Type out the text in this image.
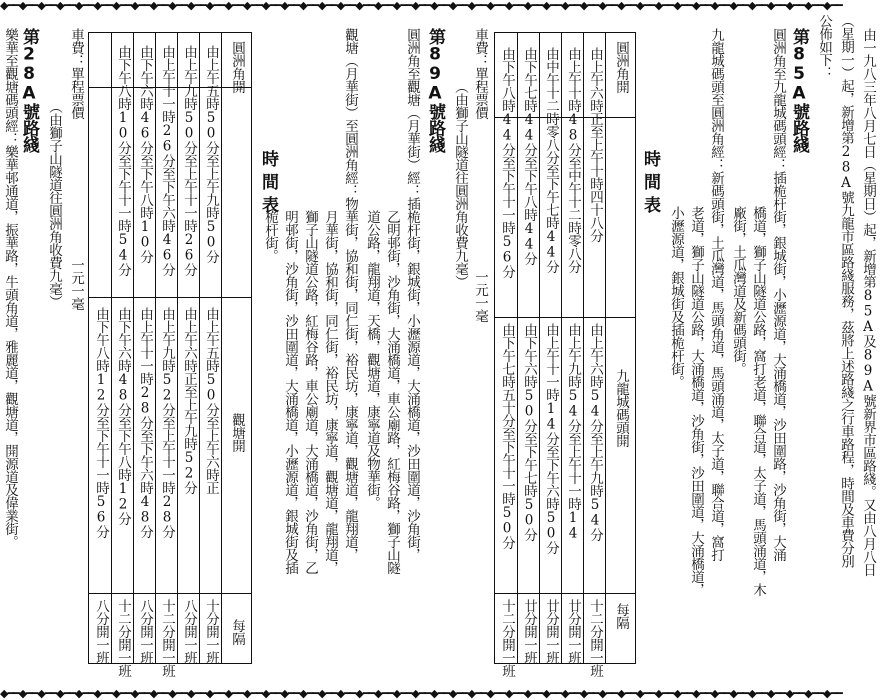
◆━━◆━━◆━━◆━━◆━━◆━━◆━━◆━━◆━━◆━━◆━━◆━━◆━━◆━━◆━━◆━━◆━━◆━━◆━━◆━━◆━━◆━━◆━━◆━━◆━━◆━━◆━━◆━━◆━━◆━━◆━━◆━━◆━━◆━━◆━━◆━━◆━━◆━━◆━━◆━━◆━━◆━━◆━━◆━━◆━━
由一九八三年八月七日（星期日）起，新增第85A及89A號新界市區路綫。又由八月八日
（星期一）起，新增第28A號九龍市區路綫服務，茲將上述路綫之行車路程，時間及車費分別
公佈如下：
第85A號路綫
圓洲角至九龍城碼頭經：插桅杆街，銀城街，小瀝源道，大涌橋道，沙田圍路，沙角街，大涌
橋道，獅子山隧道公路，窩打老道，聯合道，太子道，馬頭涌道，木
廠街，土瓜灣道及新碼頭街。
九龍城碼頭至圓洲角經：新碼頭街，土瓜灣道，馬頭角道，馬頭涌道，太子道，聯合道，窩打
老道，獅子山隧道公路，大涌橋道，沙角街，沙田圍道，大涌橋道，
小瀝源道，銀城街及插桅杆街。
時間表
圓洲角開
九龍城碼頭開
每隔
由上午六時正至上午十時四十八分
由上午六時54分至上午九時54分
十二分開一班
由上午十時48分至中午十二時零八分
由上午九時54分至上午十一時14
廿分開一班
由中午十二時零八分至下午七時44分
由上午十一時14分至下午六時50分
廿分開一班
由下午七時44分至下午八時44分
由下午六時50分至下午七時50分
廿分開一班
由下午八時44分至下午十一時56分
由下午七時五十分至下午十一時50分
十二分開一班
車費：單程票價
一元一毫
（由獅子山隧道往圓洲角收費九毫）
第89A號路綫
圓洲角至觀塘（月華街）經：插桅杆街，銀城街，小瀝源道，大涌橋道，沙田圍道，沙角街，
乙明邨街，沙角街，大涌橋道，車公廟路，紅梅谷路，獅子山隧
道公路，龍翔道，天橋，觀塘道，康寧道及物華街。
觀塘（月華街）至圓洲角經：物華街，協和街，同仁街，裕民坊，康寧道，觀塘道，龍翔道，
月華街，協和街，同仁街，裕民坊，康寧道，觀塘道，龍翔道，
獅子山隧道公路，紅梅谷路，車公廟道，大涌橋道，沙角街，乙
明邨街，沙角街，沙田圍道，大涌橋道，小瀝源道，銀城街及插
桅杆街。
時間表
圓洲角開
觀塘開
每隔
由上午五時50分至上午九時50分
由上午五時50分至上午六時正
十分開一班
由上午九時50分至上午十一時26分
由上午六時正至上午九時52分
八分開一班
由上午十一時26分至下午六時46分
由上午九時52分至上午十一時28分
十二分開一班
由下午六時46分至下午八時10分
由上午十一時28分至下午六時48分
八分開一班
由下午八時10分至下午十一時54分
由下午六時48分至下午八時12分
十二分開一班
由下午八時12分至下午十一時56分
八分開一班
車費：單程票價
一元一毫
（由獅子山隧道往圓洲角收費九毫）
第28A號路綫
樂華至觀塘碼頭經：樂華邨通道，振華路，牛頭角道，雅麗道，觀塘道，開源道及偉業街。
◆━━◆━━◆━━◆━━◆━━◆━━◆━━◆━━◆━━◆━━◆━━◆━━◆━━◆━━◆━━◆━━◆━━◆━━◆━━◆━━◆━━◆━━◆━━◆━━◆━━◆━━◆━━◆━━◆━━◆━━◆━━◆━━◆━━◆━━◆━━◆━━◆━━◆━━◆━━◆━━◆━━◆━━◆━━◆━━◆━━
